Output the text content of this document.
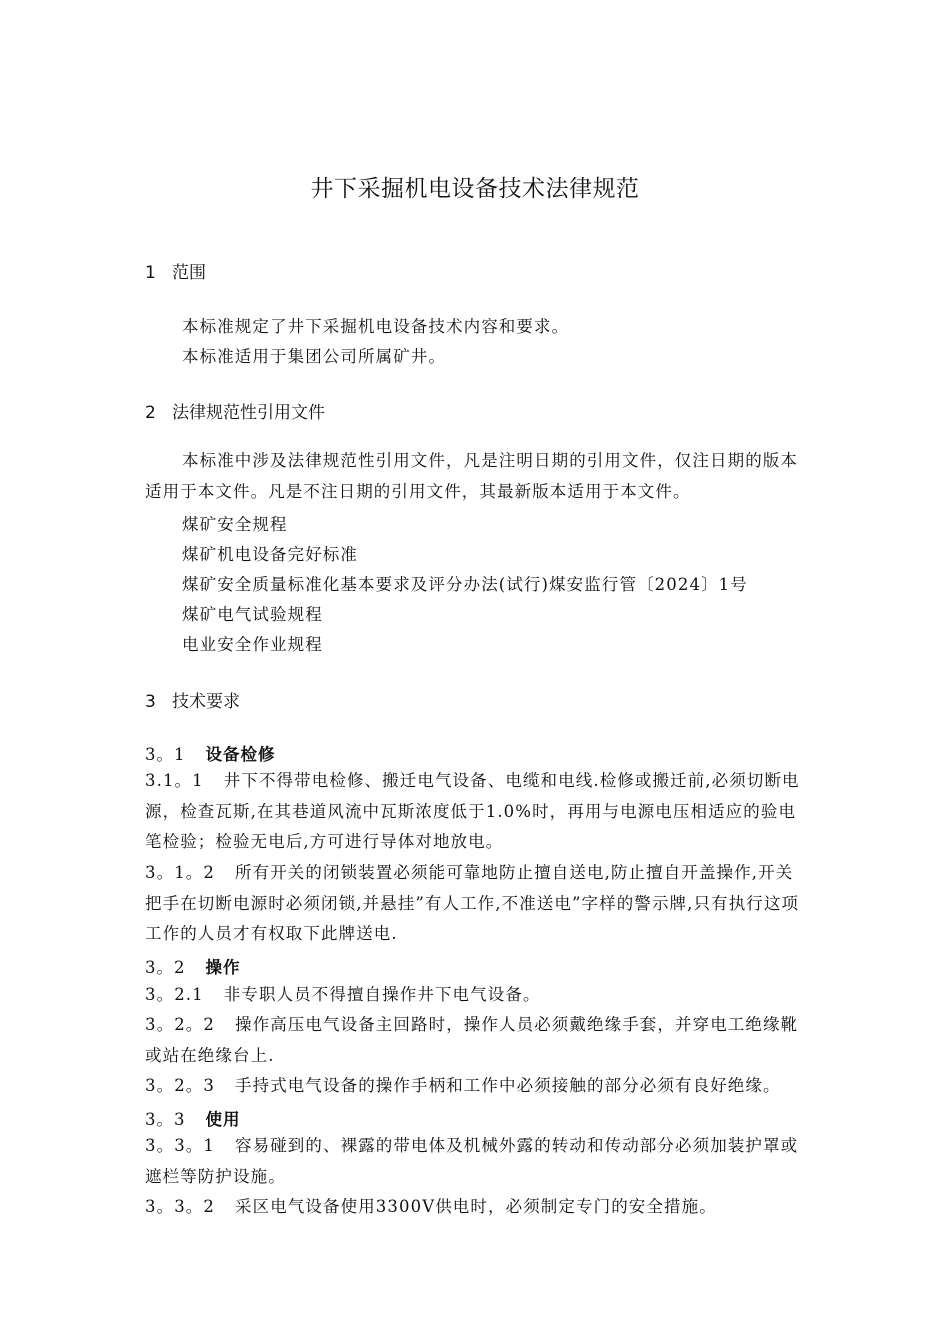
井下采掘机电设备技术法律规范
1 范围
本标准规定了井下采掘机电设备技术内容和要求。
本标准适用于集团公司所属矿井。
2 法律规范性引用文件
本标准中涉及法律规范性引用文件，凡是注明日期的引用文件，仅注日期的版本适用于本文件。凡是不注日期的引用文件，其最新版本适用于本文件。
煤矿安全规程
煤矿机电设备完好标准
煤矿安全质量标准化基本要求及评分办法(试行)煤安监行管〔2024〕1号
煤矿电气试验规程
电业安全作业规程
3 技术要求
3。1 设备检修
3.1。1 井下不得带电检修、搬迁电气设备、电缆和电线.检修或搬迁前,必须切断电源，检查瓦斯,在其巷道风流中瓦斯浓度低于1.0%时，再用与电源电压相适应的验电笔检验；检验无电后,方可进行导体对地放电。
3。1。2 所有开关的闭锁装置必须能可靠地防止擅自送电,防止擅自开盖操作,开关把手在切断电源时必须闭锁,并悬挂”有人工作,不准送电”字样的警示牌,只有执行这项工作的人员才有权取下此牌送电.
3。2 操作
3。2.1 非专职人员不得擅自操作井下电气设备。
3。2。2 操作高压电气设备主回路时，操作人员必须戴绝缘手套，并穿电工绝缘靴或站在绝缘台上.
3。2。3 手持式电气设备的操作手柄和工作中必须接触的部分必须有良好绝缘。
3。3 使用
3。3。1 容易碰到的、裸露的带电体及机械外露的转动和传动部分必须加装护罩或遮栏等防护设施。
3。3。2 采区电气设备使用3300V供电时，必须制定专门的安全措施。
